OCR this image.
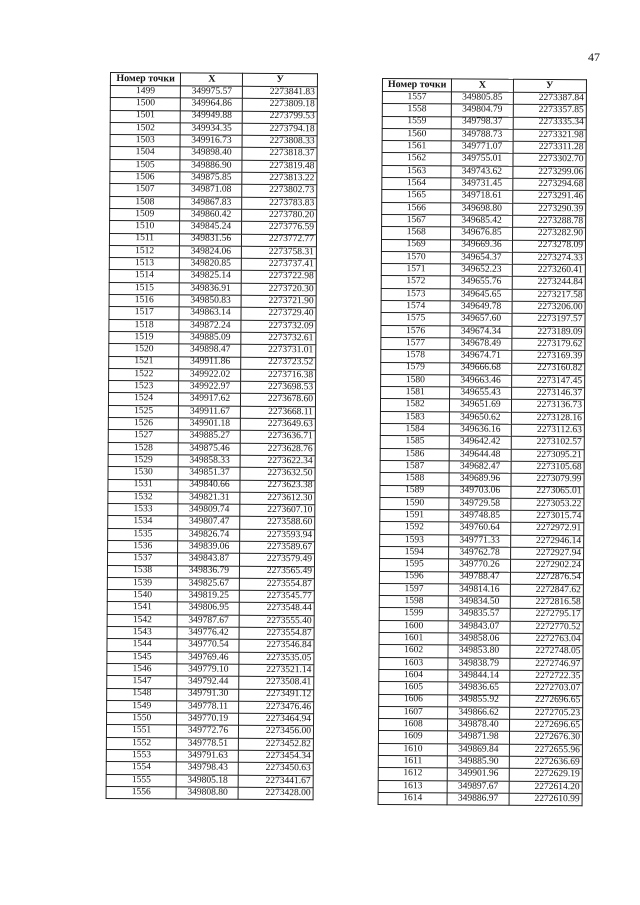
47
Номер точки	X	У
1499	349975.57	2273841.83
1500	349964.86	2273809.18
1501	349949.88	2273799.53
1502	349934.35	2273794.18
1503	349916.73	2273808.33
1504	349898.40	2273818.37
1505	349886.90	2273819.48
1506	349875.85	2273813.22
1507	349871.08	2273802.73
1508	349867.83	2273783.83
1509	349860.42	2273780.20
1510	349845.24	2273776.59
1511	349831.56	2273772.77
1512	349824.06	2273758.31
1513	349820.85	2273737.41
1514	349825.14	2273722.98
1515	349836.91	2273720.30
1516	349850.83	2273721.90
1517	349863.14	2273729.40
1518	349872.24	2273732.09
1519	349885.09	2273732.61
1520	349898.47	2273731.01
1521	349911.86	2273723.52
1522	349922.02	2273716.38
1523	349922.97	2273698.53
1524	349917.62	2273678.60
1525	349911.67	2273668.11
1526	349901.18	2273649.63
1527	349885.27	2273636.71
1528	349875.46	2273628.76
1529	349858.33	2273622.34
1530	349851.37	2273632.50
1531	349840.66	2273623.38
1532	349821.31	2273612.30
1533	349809.74	2273607.10
1534	349807.47	2273588.60
1535	349826.74	2273593.94
1536	349839.06	2273589.67
1537	349843.87	2273579.49
1538	349836.79	2273565.49
1539	349825.67	2273554.87
1540	349819.25	2273545.77
1541	349806.95	2273548.44
1542	349787.67	2273555.40
1543	349776.42	2273554.87
1544	349770.54	2273546.84
1545	349769.46	2273535.05
1546	349779.10	2273521.14
1547	349792.44	2273508.41
1548	349791.30	2273491.12
1549	349778.11	2273476.46
1550	349770.19	2273464.94
1551	349772.76	2273456.00
1552	349778.51	2273452.82
1553	349791.63	2273454.34
1554	349798.43	2273450.63
1555	349805.18	2273441.67
1556	349808.80	2273428.00
Номер точки	X	У
1557	349805.85	2273387.84
1558	349804.79	2273357.85
1559	349798.37	2273335.34
1560	349788.73	2273321.98
1561	349771.07	2273311.28
1562	349755.01	2273302.70
1563	349743.62	2273299.06
1564	349731.45	2273294.68
1565	349718.61	2273291.46
1566	349698.80	2273290.39
1567	349685.42	2273288.78
1568	349676.85	2273282.90
1569	349669.36	2273278.09
1570	349654.37	2273274.33
1571	349652.23	2273260.41
1572	349655.76	2273244.84
1573	349645.65	2273217.58
1574	349649.78	2273206.00
1575	349657.60	2273197.57
1576	349674.34	2273189.09
1577	349678.49	2273179.62
1578	349674.71	2273169.39
1579	349666.68	2273160.82
1580	349663.46	2273147.45
1581	349655.43	2273146.37
1582	349651.69	2273136.73
1583	349650.62	2273128.16
1584	349636.16	2273112.63
1585	349642.42	2273102.57
1586	349644.48	2273095.21
1587	349682.47	2273105.68
1588	349689.96	2273079.99
1589	349703.06	2273065.01
1590	349729.58	2273053.22
1591	349748.85	2273015.74
1592	349760.64	2272972.91
1593	349771.33	2272946.14
1594	349762.78	2272927.94
1595	349770.26	2272902.24
1596	349788.47	2272876.54
1597	349814.16	2272847.62
1598	349834.50	2272816.58
1599	349835.57	2272795.17
1600	349843.07	2272770.52
1601	349858.06	2272763.04
1602	349853.80	2272748.05
1603	349838.79	2272746.97
1604	349844.14	2272722.35
1605	349836.65	2272703.07
1606	349855.92	2272696.65
1607	349866.62	2272705.23
1608	349878.40	2272696.65
1609	349871.98	2272676.30
1610	349869.84	2272655.96
1611	349885.90	2272636.69
1612	349901.96	2272629.19
1613	349897.67	2272614.20
1614	349886.97	2272610.99
